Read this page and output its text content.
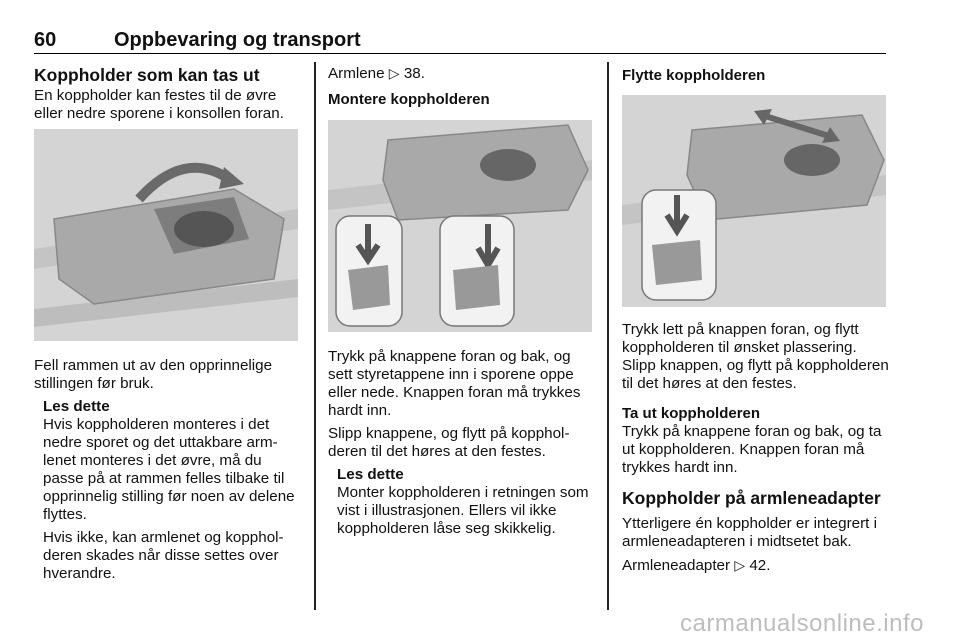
60	Oppbevaring og transport
Koppholder som kan tas ut

En koppholder kan festes til de øvre eller nedre sporene i konsollen foran.

Fell rammen ut av den opprinnelige stillingen før bruk.

Les dette

Hvis koppholderen monteres i det nedre sporet og det uttakbare armlenet monteres i det øvre, må du passe på at rammen felles tilbake til opprinnelig stilling før noen av delene flyttes.

Hvis ikke, kan armlenet og koppholderen skades når disse settes over hverandre.

Armlene ▷ 38.

Montere koppholderen

Trykk på knappene foran og bak, og sett styretappene inn i sporene oppe eller nede. Knappen foran må trykkes hardt inn.

Slipp knappene, og flytt på koppholderen til det høres at den festes.

Les dette

Monter koppholderen i retningen som vist i illustrasjonen. Ellers vil ikke koppholderen låse seg skikkelig.

Flytte koppholderen

Trykk lett på knappen foran, og flytt koppholderen til ønsket plassering. Slipp knappen, og flytt på koppholderen til det høres at den festes.

Ta ut koppholderen

Trykk på knappene foran og bak, og ta ut koppholderen. Knappen foran må trykkes hardt inn.

Koppholder på armleneadapter

Ytterligere én koppholder er integrert i armleneadapteren i midtsetet bak.

Armleneadapter ▷ 42.

carmanualsonline.info
